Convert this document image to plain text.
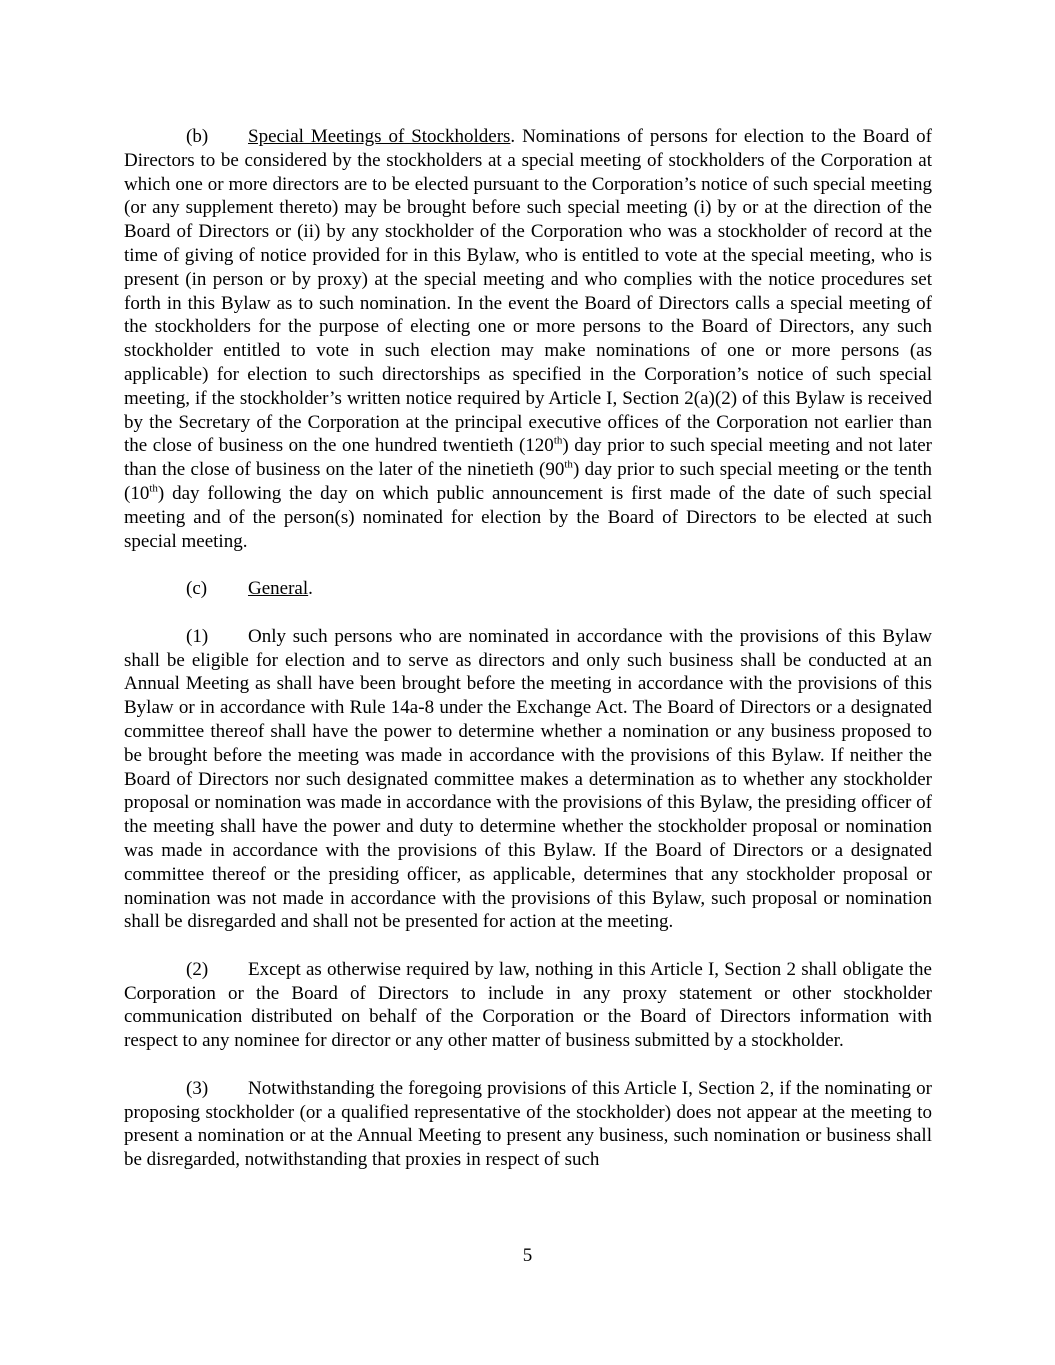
(b) Special Meetings of Stockholders. Nominations of persons for election to the Board of Directors to be considered by the stockholders at a special meeting of stockholders of the Corporation at which one or more directors are to be elected pursuant to the Corporation’s notice of such special meeting (or any supplement thereto) may be brought before such special meeting (i) by or at the direction of the Board of Directors or (ii) by any stockholder of the Corporation who was a stockholder of record at the time of giving of notice provided for in this Bylaw, who is entitled to vote at the special meeting, who is present (in person or by proxy) at the special meeting and who complies with the notice procedures set forth in this Bylaw as to such nomination. In the event the Board of Directors calls a special meeting of the stockholders for the purpose of electing one or more persons to the Board of Directors, any such stockholder entitled to vote in such election may make nominations of one or more persons (as applicable) for election to such directorships as specified in the Corporation’s notice of such special meeting, if the stockholder’s written notice required by Article I, Section 2(a)(2) of this Bylaw is received by the Secretary of the Corporation at the principal executive offices of the Corporation not earlier than the close of business on the one hundred twentieth (120th) day prior to such special meeting and not later than the close of business on the later of the ninetieth (90th) day prior to such special meeting or the tenth (10th) day following the day on which public announcement is first made of the date of such special meeting and of the person(s) nominated for election by the Board of Directors to be elected at such special meeting.

(c) General.

(1) Only such persons who are nominated in accordance with the provisions of this Bylaw shall be eligible for election and to serve as directors and only such business shall be conducted at an Annual Meeting as shall have been brought before the meeting in accordance with the provisions of this Bylaw or in accordance with Rule 14a-8 under the Exchange Act. The Board of Directors or a designated committee thereof shall have the power to determine whether a nomination or any business proposed to be brought before the meeting was made in accordance with the provisions of this Bylaw. If neither the Board of Directors nor such designated committee makes a determination as to whether any stockholder proposal or nomination was made in accordance with the provisions of this Bylaw, the presiding officer of the meeting shall have the power and duty to determine whether the stockholder proposal or nomination was made in accordance with the provisions of this Bylaw. If the Board of Directors or a designated committee thereof or the presiding officer, as applicable, determines that any stockholder proposal or nomination was not made in accordance with the provisions of this Bylaw, such proposal or nomination shall be disregarded and shall not be presented for action at the meeting.

(2) Except as otherwise required by law, nothing in this Article I, Section 2 shall obligate the Corporation or the Board of Directors to include in any proxy statement or other stockholder communication distributed on behalf of the Corporation or the Board of Directors information with respect to any nominee for director or any other matter of business submitted by a stockholder.

(3) Notwithstanding the foregoing provisions of this Article I, Section 2, if the nominating or proposing stockholder (or a qualified representative of the stockholder) does not appear at the meeting to present a nomination or at the Annual Meeting to present any business, such nomination or business shall be disregarded, notwithstanding that proxies in respect of such

5
